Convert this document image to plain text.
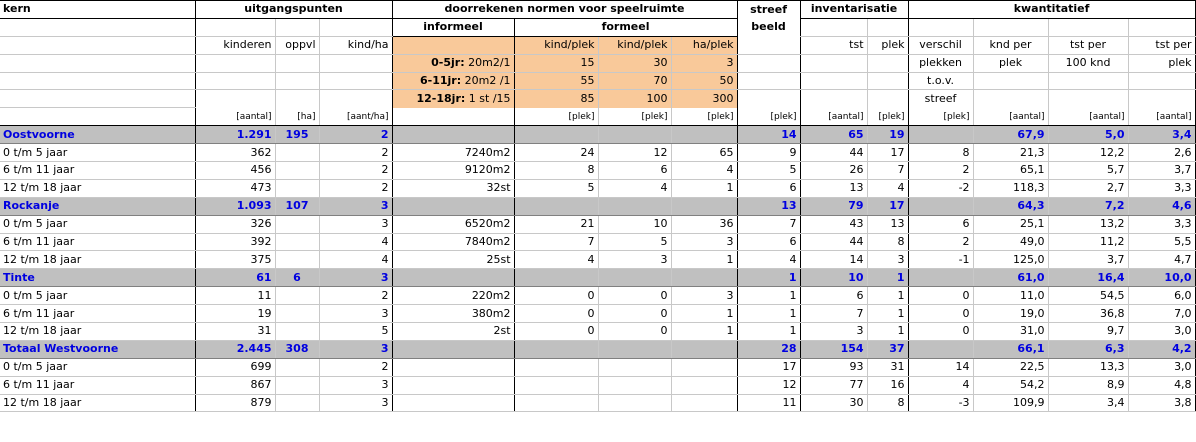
kern	uitgangspunten			doorrekenen normen voor speelruimte				streef	inventarisatie		kwantitatief			
				informeel	formeel			beeld						
	kinderen	oppvl	kind/ha		kind/plek	kind/plek	ha/plek		tst	plek	verschil	knd per	tst per	tst per
				0-5jr: 20m2/1	15	30	3				plekken	plek	100 knd	plek
				6-11jr: 20m2 /1	55	70	50				t.o.v.			
				12-18jr: 1 st /15	85	100	300				streef			
	[aantal]	[ha]	[aant/ha]		[plek]	[plek]	[plek]	[plek]	[aantal]	[plek]	[plek]	[aantal]	[aantal]	[aantal]
Oostvoorne	1.291	195	2					14	65	19		67,9	5,0	3,4
0 t/m 5 jaar	362		2	7240m2	24	12	65	9	44	17	8	21,3	12,2	2,6
6 t/m 11 jaar	456		2	9120m2	8	6	4	5	26	7	2	65,1	5,7	3,7
12 t/m 18 jaar	473		2	32st	5	4	1	6	13	4	-2	118,3	2,7	3,3
Rockanje	1.093	107	3					13	79	17		64,3	7,2	4,6
0 t/m 5 jaar	326		3	6520m2	21	10	36	7	43	13	6	25,1	13,2	3,3
6 t/m 11 jaar	392		4	7840m2	7	5	3	6	44	8	2	49,0	11,2	5,5
12 t/m 18 jaar	375		4	25st	4	3	1	4	14	3	-1	125,0	3,7	4,7
Tinte	61	6	3					1	10	1		61,0	16,4	10,0
0 t/m 5 jaar	11		2	220m2	0	0	3	1	6	1	0	11,0	54,5	6,0
6 t/m 11 jaar	19		3	380m2	0	0	1	1	7	1	0	19,0	36,8	7,0
12 t/m 18 jaar	31		5	2st	0	0	1	1	3	1	0	31,0	9,7	3,0
Totaal Westvoorne	2.445	308	3					28	154	37		66,1	6,3	4,2
0 t/m 5 jaar	699		2					17	93	31	14	22,5	13,3	3,0
6 t/m 11 jaar	867		3					12	77	16	4	54,2	8,9	4,8
12 t/m 18 jaar	879		3					11	30	8	-3	109,9	3,4	3,8
